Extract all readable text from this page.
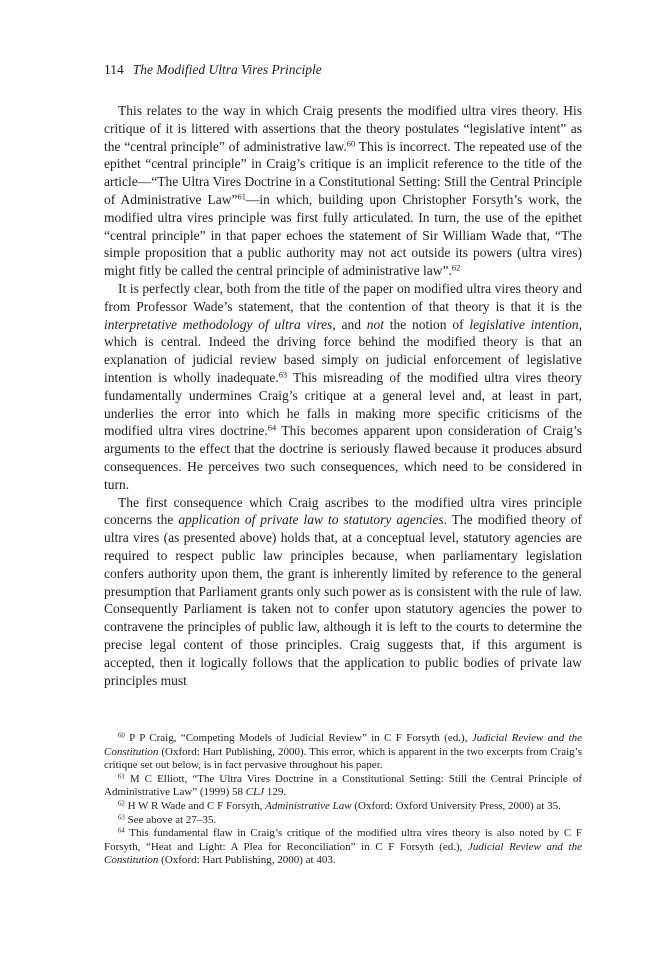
114 The Modified Ultra Vires Principle

This relates to the way in which Craig presents the modified ultra vires theory. His critique of it is littered with assertions that the theory postulates “legislative intent” as the “central principle” of administrative law.$^{60}$ This is incorrect. The repeated use of the epithet “central principle” in Craig’s critique is an implicit reference to the title of the article—“The Ultra Vires Doctrine in a Constitutional Setting: Still the Central Principle of Administrative Law”$^{61}$—in which, building upon Christopher Forsyth’s work, the modified ultra vires principle was first fully articulated. In turn, the use of the epithet “central principle” in that paper echoes the statement of Sir William Wade that, “The simple proposition that a public authority may not act outside its powers (ultra vires) might fitly be called the central principle of administrative law”.$^{62}$

It is perfectly clear, both from the title of the paper on modified ultra vires theory and from Professor Wade’s statement, that the contention of that theory is that it is the interpretative methodology of ultra vires, and not the notion of legislative intention, which is central. Indeed the driving force behind the modified theory is that an explanation of judicial review based simply on judicial enforcement of legislative intention is wholly inadequate.$^{63}$ This misreading of the modified ultra vires theory fundamentally undermines Craig’s critique at a general level and, at least in part, underlies the error into which he falls in making more specific criticisms of the modified ultra vires doctrine.$^{64}$ This becomes apparent upon consideration of Craig’s arguments to the effect that the doctrine is seriously flawed because it produces absurd consequences. He perceives two such consequences, which need to be considered in turn.

The first consequence which Craig ascribes to the modified ultra vires principle concerns the application of private law to statutory agencies. The modified theory of ultra vires (as presented above) holds that, at a conceptual level, statutory agencies are required to respect public law principles because, when parliamentary legislation confers authority upon them, the grant is inherently limited by reference to the general presumption that Parliament grants only such power as is consistent with the rule of law. Consequently Parliament is taken not to confer upon statutory agencies the power to contravene the principles of public law, although it is left to the courts to determine the precise legal content of those principles. Craig suggests that, if this argument is accepted, then it logically follows that the application to public bodies of private law principles must

$^{60}$ P P Craig, “Competing Models of Judicial Review” in C F Forsyth (ed.), Judicial Review and the Constitution (Oxford: Hart Publishing, 2000). This error, which is apparent in the two excerpts from Craig’s critique set out below, is in fact pervasive throughout his paper.

$^{61}$ M C Elliott, “The Ultra Vires Doctrine in a Constitutional Setting: Still the Central Principle of Administrative Law” (1999) 58 CLJ 129.

$^{62}$ H W R Wade and C F Forsyth, Administrative Law (Oxford: Oxford University Press, 2000) at 35.

$^{63}$ See above at 27–35.

$^{64}$ This fundamental flaw in Craig’s critique of the modified ultra vires theory is also noted by C F Forsyth, “Heat and Light: A Plea for Reconciliation” in C F Forsyth (ed.), Judicial Review and the Constitution (Oxford: Hart Publishing, 2000) at 403.
